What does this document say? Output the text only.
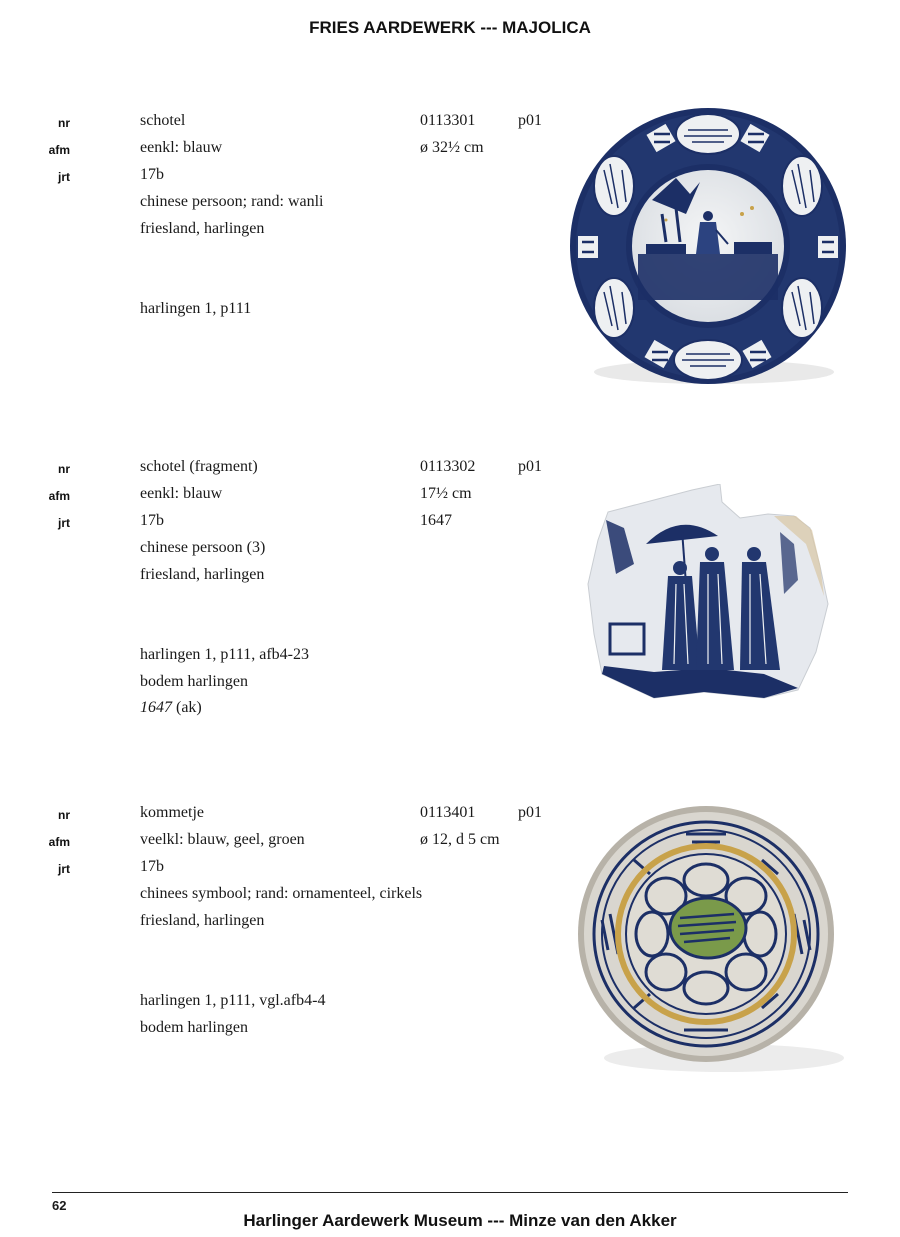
FRIES AARDEWERK --- MAJOLICA
schotel
nr	0113301	p01
eenkl: blauw
afm	ø 32½ cm
17b
jrt
chinese persoon; rand: wanli
friesland, harlingen
harlingen 1, p111
schotel (fragment)
nr	0113302	p01
eenkl: blauw
afm	17½ cm
17b
jrt	1647
chinese persoon (3)
friesland, harlingen
harlingen 1, p111, afb4-23
bodem harlingen
1647 (ak)
kommetje
nr	0113401	p01
veelkl: blauw, geel, groen
afm	ø 12, d 5 cm
17b
jrt
chinees symbool; rand: ornamenteel, cirkels
friesland, harlingen
harlingen 1, p111, vgl.afb4-4
bodem harlingen
62
Harlinger Aardewerk Museum --- Minze van den Akker
